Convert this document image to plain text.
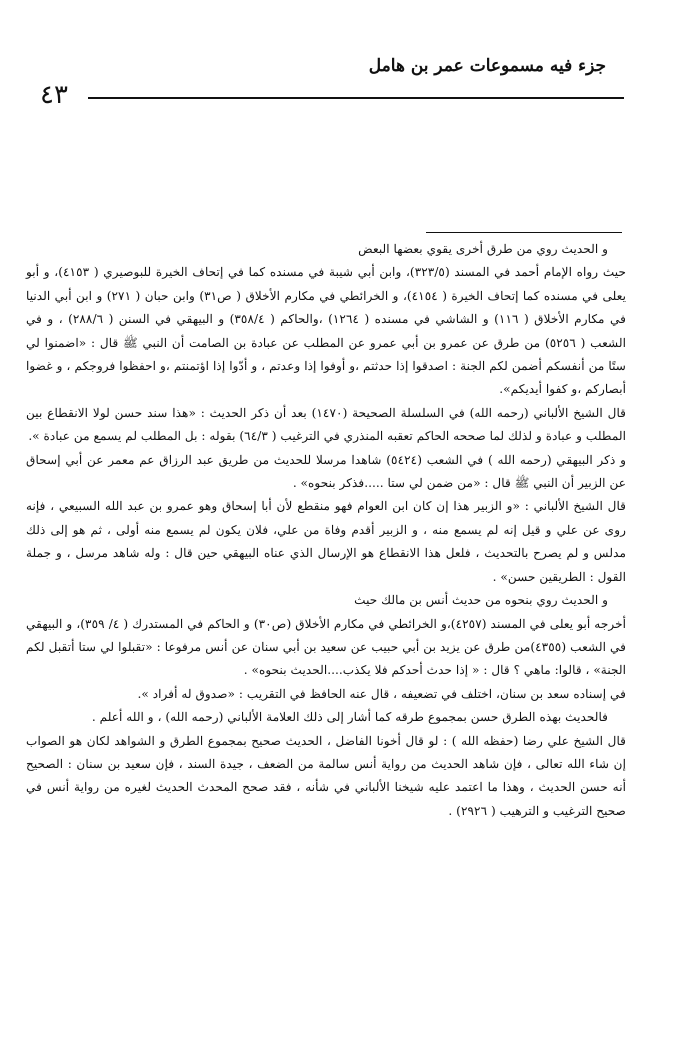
جزء فيه مسموعات عمر بن هامل
٤٣

و الحديث روي من طرق أخرى يقوي بعضها البعض

حيث رواه الإمام أحمد في المسند (٣٢٣/٥)، وابن أبي شيبة في مسنده كما في إتحاف الخيرة للبوصيري ( ٤١٥٣)، و أبو يعلى في مسنده كما إتحاف الخيرة ( ٤١٥٤)، و الخرائطي في مكارم الأخلاق ( ص٣١) وابن حبان ( ٢٧١) و ابن أبي الدنيا في مكارم الأخلاق ( ١١٦) و الشاشي في مسنده ( ١٢٦٤) ،والحاكم ( ٣٥٨/٤) و البيهقي في السنن ( ٢٨٨/٦) ، و في الشعب ( ٥٢٥٦) من طرق عن عمرو بن أبي عمرو عن المطلب عن عبادة بن الصامت أن النبي ﷺ قال : «اضمنوا لي ستًا من أنفسكم أضمن لكم الجنة : اصدقوا إذا حدثتم ،و أوفوا إذا وعدتم ، و أدّوا إذا اؤتمنتم ،و احفظوا فروجكم ، و غضوا أبصاركم ،و كفوا أيديكم».

قال الشيخ الألباني (رحمه الله) في السلسلة الصحيحة (١٤٧٠) بعد أن ذكر الحديث : «هذا سند حسن لولا الانقطاع بين المطلب و عبادة و لذلك لما صححه الحاكم تعقبه المنذري في الترغيب ( ٦٤/٣) بقوله : بل المطلب لم يسمع من عبادة ».

و ذكر البيهقي (رحمه الله ) في الشعب (٥٤٢٤) شاهدا مرسلا للحديث من طريق عبد الرزاق عم معمر عن أبي إسحاق عن الزبير أن النبي ﷺ قال : «من ضمن لي ستا .....فذكر بنحوه» .

قال الشيخ الألباني : «و الزبير هذا إن كان ابن العوام فهو منقطع لأن أبا إسحاق وهو عمرو بن عبد الله السبيعي ، فإنه روى عن علي و قيل إنه لم يسمع منه ، و الزبير أقدم وفاة من علي، فلان يكون لم يسمع منه أولى ، ثم هو إلى ذلك مدلس و لم يصرح بالتحديث ، فلعل هذا الانقطاع هو الإرسال الذي عناه البيهقي حين قال : وله شاهد مرسل ، و جملة القول : الطريقين حسن» .

و الحديث روي بنحوه من حديث أنس بن مالك حيث

أخرجه أبو يعلى في المسند (٤٢٥٧)،و الخرائطي في مكارم الأخلاق (ص٣٠) و الحاكم في المستدرك ( ٤/ ٣٥٩)، و البيهقي في الشعب (٤٣٥٥)من طرق عن يزيد بن أبي حبيب عن سعيد بن أبي سنان عن أنس مرفوعا : «تقبلوا لي ستا أتقبل لكم الجنة» ، قالوا: ماهي ؟ قال : « إذا حدث أحدكم فلا يكذب....الحديث بنحوه» .

في إسناده سعد بن سنان، اختلف في تضعيفه ، قال عنه الحافظ في التقريب : «صدوق له أفراد ».

فالحديث بهذه الطرق حسن بمجموع طرقه كما أشار إلى ذلك العلامة الألباني (رحمه الله) ، و الله أعلم .

قال الشيخ علي رضا (حفظه الله ) : لو قال أخونا الفاضل ، الحديث صحيح بمجموع الطرق و الشواهد لكان هو الصواب إن شاء الله تعالى ، فإن شاهد الحديث من رواية أنس سالمة من الضعف ، جيدة السند ، فإن سعيد بن سنان : الصحيح أنه حسن الحديث ، وهذا ما اعتمد عليه شيخنا الألباني في شأنه ، فقد صحح المحدث الحديث لغيره من رواية أنس في صحيح الترغيب و الترهيب ( ٢٩٢٦) .
